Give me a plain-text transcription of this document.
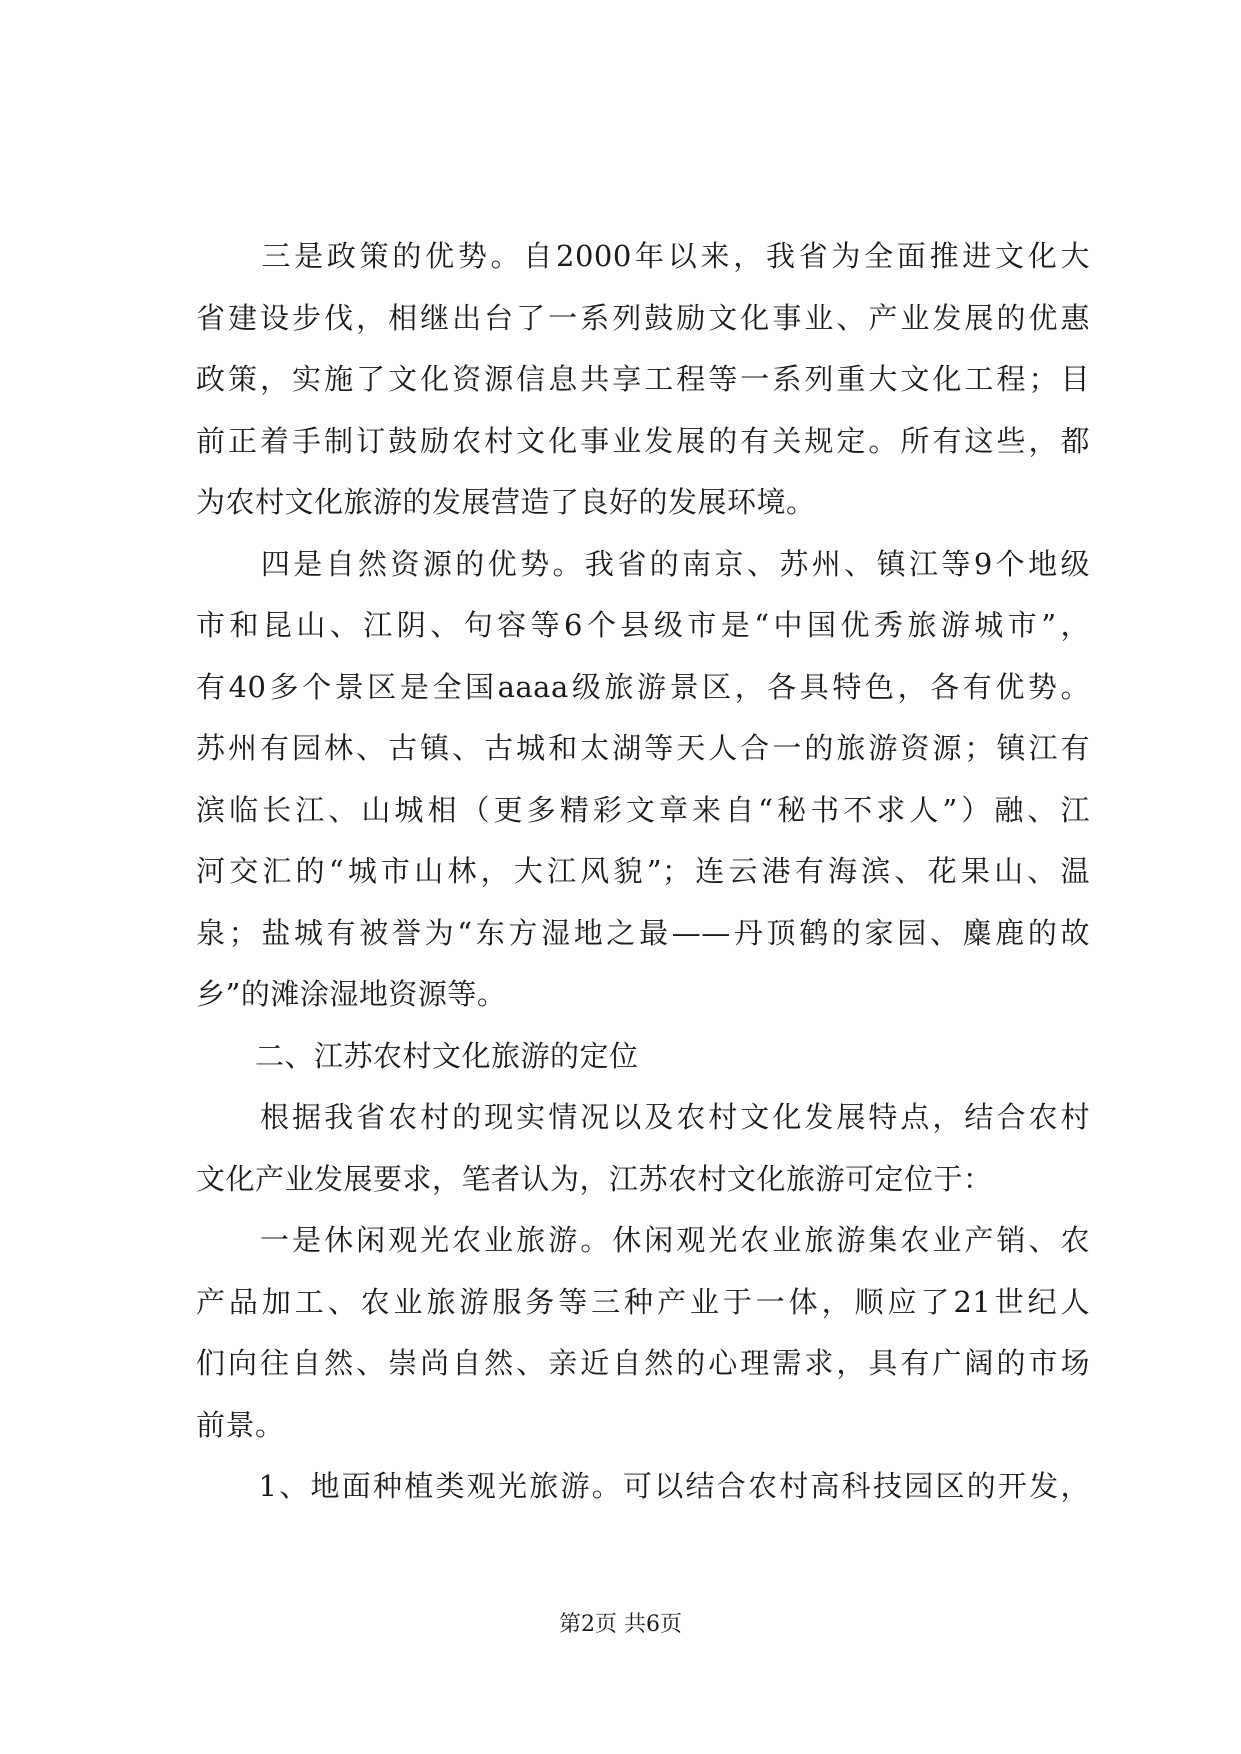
　　三是政策的优势。自2000年以来，我省为全面推进文化大
省建设步伐，相继出台了一系列鼓励文化事业、产业发展的优惠
政策，实施了文化资源信息共享工程等一系列重大文化工程；目
前正着手制订鼓励农村文化事业发展的有关规定。所有这些，都
为农村文化旅游的发展营造了良好的发展环境。
　　四是自然资源的优势。我省的南京、苏州、镇江等9个地级
市和昆山、江阴、句容等6个县级市是“中国优秀旅游城市”，
有40多个景区是全国aaaa级旅游景区，各具特色，各有优势。
苏州有园林、古镇、古城和太湖等天人合一的旅游资源；镇江有
滨临长江、山城相（更多精彩文章来自“秘书不求人”）融、江
河交汇的“城市山林，大江风貌”；连云港有海滨、花果山、温
泉；盐城有被誉为“东方湿地之最——丹顶鹤的家园、麋鹿的故
乡”的滩涂湿地资源等。
　　二、江苏农村文化旅游的定位
　　根据我省农村的现实情况以及农村文化发展特点，结合农村
文化产业发展要求，笔者认为，江苏农村文化旅游可定位于：
　　一是休闲观光农业旅游。休闲观光农业旅游集农业产销、农
产品加工、农业旅游服务等三种产业于一体，顺应了21世纪人
们向往自然、崇尚自然、亲近自然的心理需求，具有广阔的市场
前景。
　　1、地面种植类观光旅游。可以结合农村高科技园区的开发，
第2页 共6页
